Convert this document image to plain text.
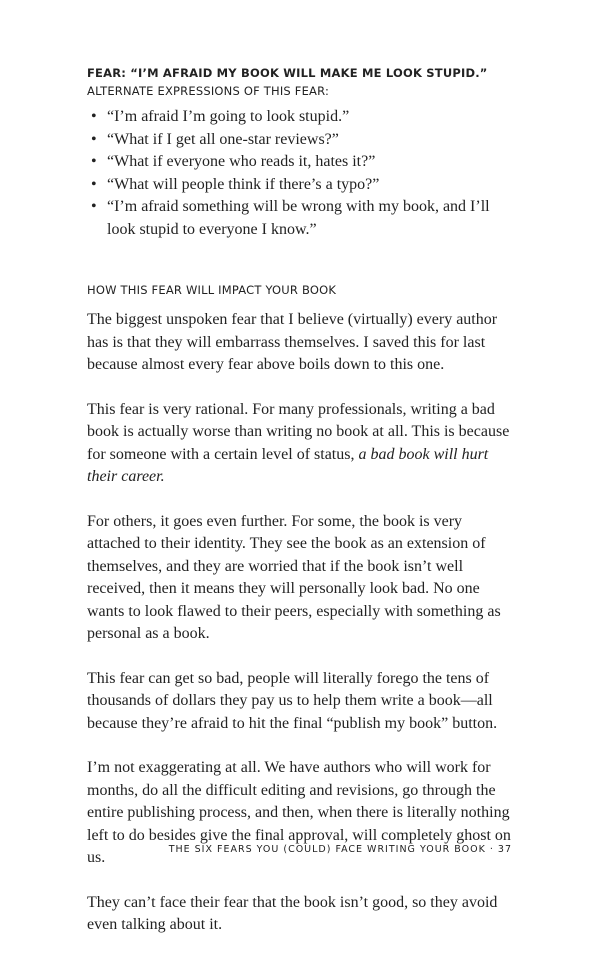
FEAR: “I’M AFRAID MY BOOK WILL MAKE ME LOOK STUPID.”
ALTERNATE EXPRESSIONS OF THIS FEAR:
• “I’m afraid I’m going to look stupid.”
• “What if I get all one-star reviews?”
• “What if everyone who reads it, hates it?”
• “What will people think if there’s a typo?”
• “I’m afraid something will be wrong with my book, and I’ll look stupid to everyone I know.”
HOW THIS FEAR WILL IMPACT YOUR BOOK

The biggest unspoken fear that I believe (virtually) every author has is that they will embarrass themselves. I saved this for last because almost every fear above boils down to this one.

This fear is very rational. For many professionals, writing a bad book is actually worse than writing no book at all. This is because for someone with a certain level of status, a bad book will hurt their career.

For others, it goes even further. For some, the book is very attached to their identity. They see the book as an extension of themselves, and they are worried that if the book isn’t well received, then it means they will personally look bad. No one wants to look flawed to their peers, especially with something as personal as a book.

This fear can get so bad, people will literally forego the tens of thousands of dollars they pay us to help them write a book—all because they’re afraid to hit the final “publish my book” button.

I’m not exaggerating at all. We have authors who will work for months, do all the difficult editing and revisions, go through the entire publishing process, and then, when there is literally nothing left to do besides give the final approval, will completely ghost on us.

They can’t face their fear that the book isn’t good, so they avoid even talking about it.

THE SIX FEARS YOU (COULD) FACE WRITING YOUR BOOK · 37
